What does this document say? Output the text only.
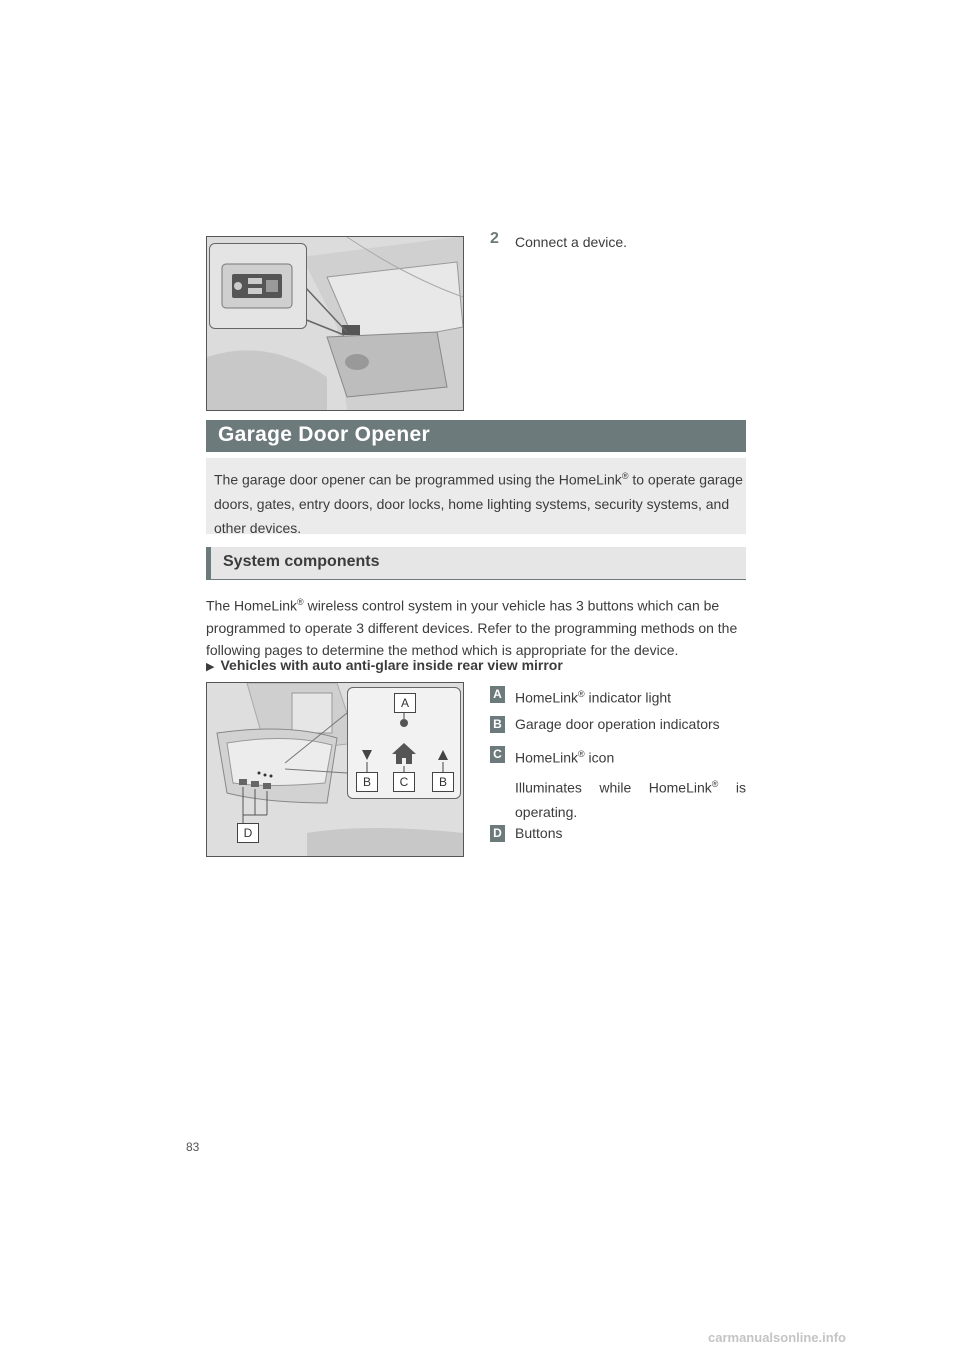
2 Connect a device.
Garage Door Opener
The garage door opener can be programmed using the HomeLink® to operate garage doors, gates, entry doors, door locks, home lighting systems, security systems, and other devices.
System components
The HomeLink® wireless control system in your vehicle has 3 buttons which can be programmed to operate 3 different devices. Refer to the programming methods on the following pages to determine the method which is appropriate for the device.
▶ Vehicles with auto anti-glare inside rear view mirror
D
A
B	C	B
A HomeLink® indicator light
B Garage door operation indicators
C HomeLink® icon
Illuminates while HomeLink® is operating.
D Buttons
83
carmanualsonline.info
